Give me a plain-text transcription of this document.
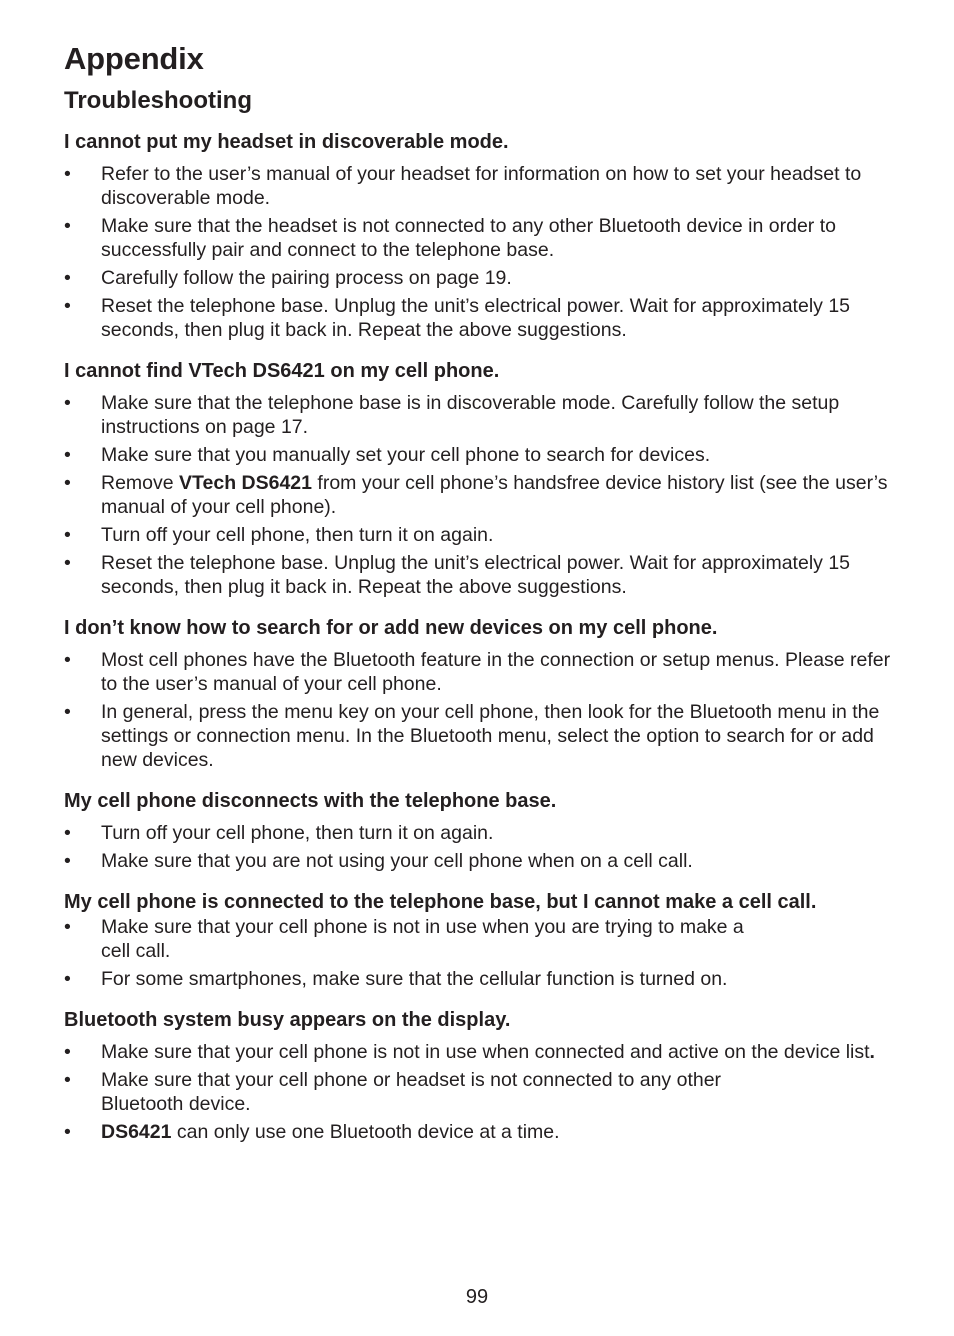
Appendix
Troubleshooting
I cannot put my headset in discoverable mode.
• Refer to the user’s manual of your headset for information on how to set your headset to discoverable mode.
• Make sure that the headset is not connected to any other Bluetooth device in order to successfully pair and connect to the telephone base.
• Carefully follow the pairing process on page 19.
• Reset the telephone base. Unplug the unit’s electrical power. Wait for approximately 15 seconds, then plug it back in. Repeat the above suggestions.
I cannot find VTech DS6421 on my cell phone.
• Make sure that the telephone base is in discoverable mode. Carefully follow the setup instructions on page 17.
• Make sure that you manually set your cell phone to search for devices.
• Remove VTech DS6421 from your cell phone’s handsfree device history list (see the user’s manual of your cell phone).
• Turn off your cell phone, then turn it on again.
• Reset the telephone base. Unplug the unit’s electrical power. Wait for approximately 15 seconds, then plug it back in. Repeat the above suggestions.
I don’t know how to search for or add new devices on my cell phone.
• Most cell phones have the Bluetooth feature in the connection or setup menus. Please refer to the user’s manual of your cell phone.
• In general, press the menu key on your cell phone, then look for the Bluetooth menu in the settings or connection menu. In the Bluetooth menu, select the option to search for or add new devices.
My cell phone disconnects with the telephone base.
• Turn off your cell phone, then turn it on again.
• Make sure that you are not using your cell phone when on a cell call.
My cell phone is connected to the telephone base, but I cannot make a cell call.
• Make sure that your cell phone is not in use when you are trying to make a
cell call.
• For some smartphones, make sure that the cellular function is turned on.
Bluetooth system busy appears on the display.
• Make sure that your cell phone is not in use when connected and active on the device list.
• Make sure that your cell phone or headset is not connected to any other
Bluetooth device.
• DS6421 can only use one Bluetooth device at a time.
99
